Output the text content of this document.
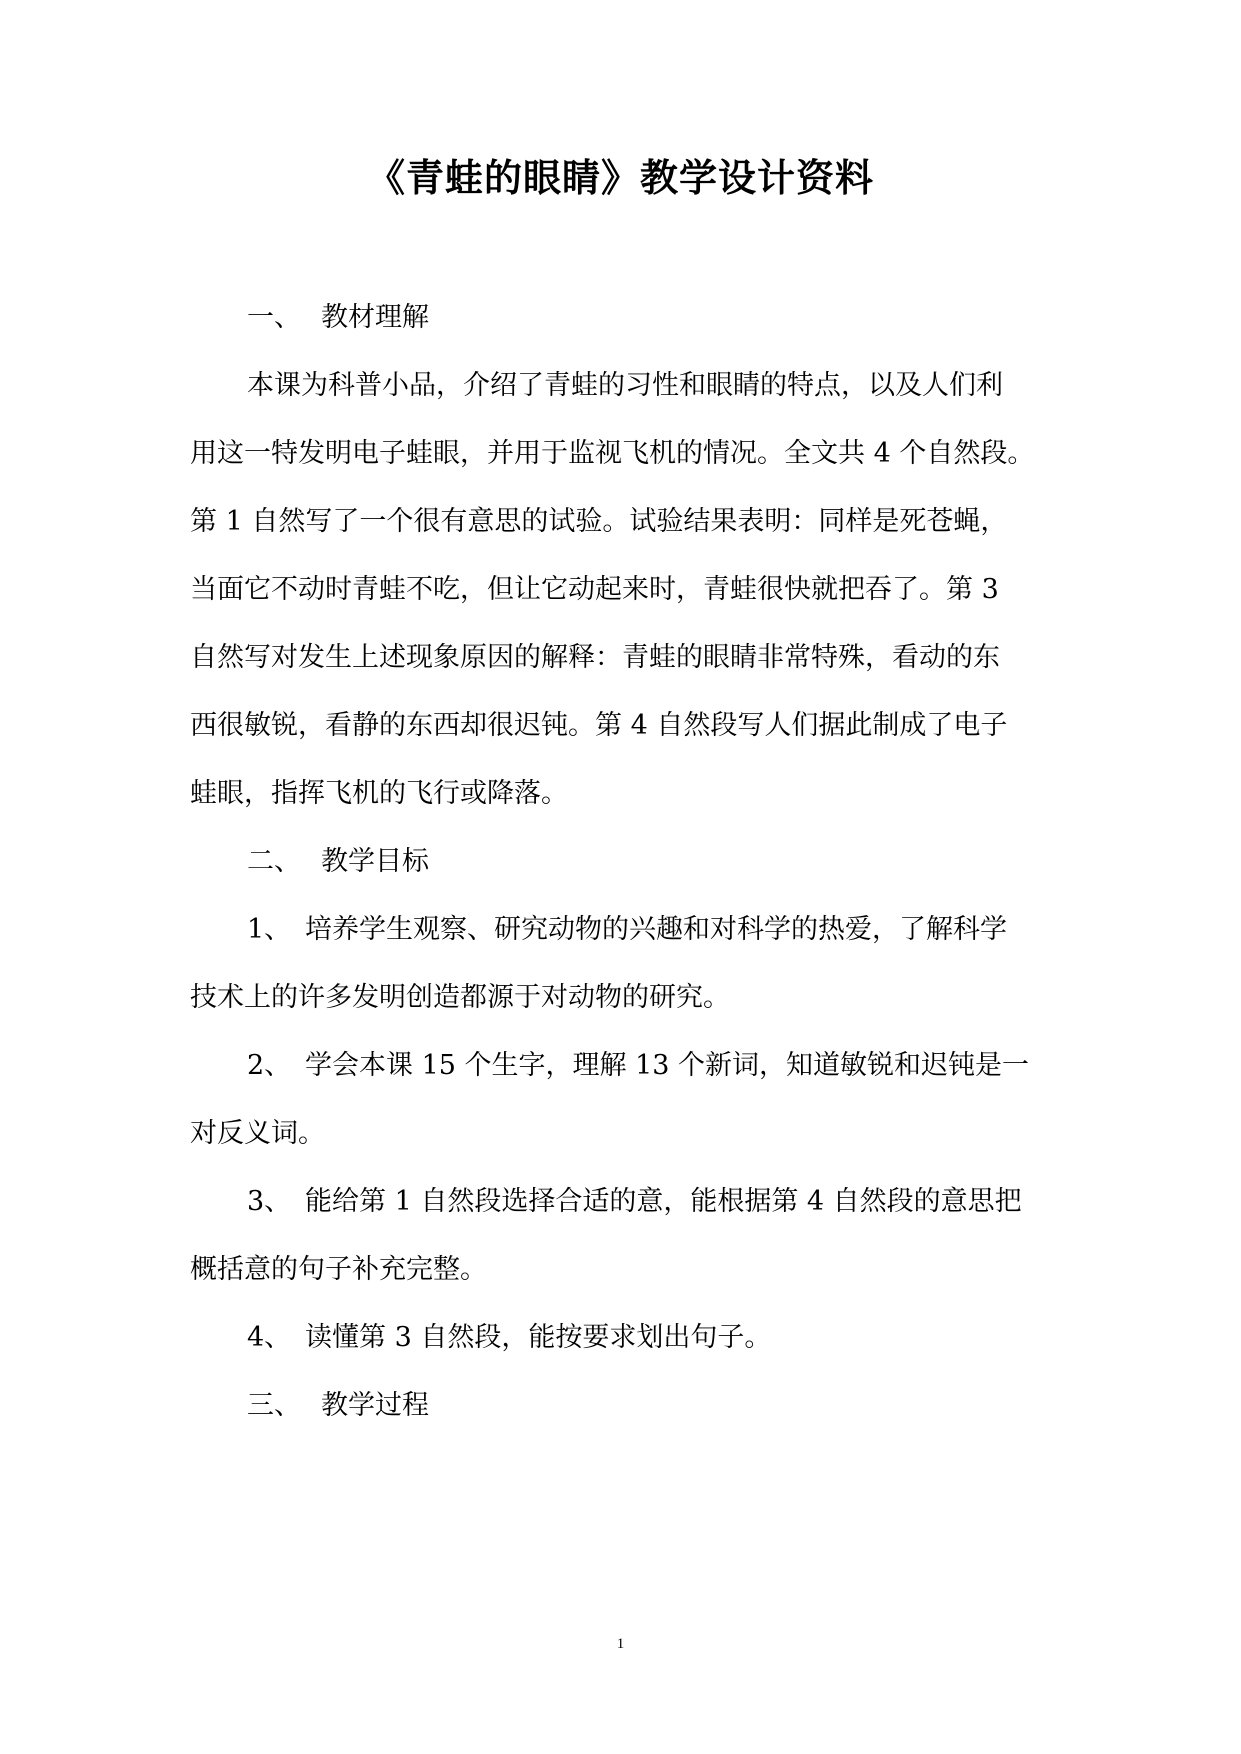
《青蛙的眼睛》教学设计资料

一、 教材理解

本课为科普小品，介绍了青蛙的习性和眼睛的特点，以及人们利

用这一特发明电子蛙眼，并用于监视飞机的情况。全文共 4 个自然段。

第 1 自然写了一个很有意思的试验。试验结果表明：同样是死苍蝇，

当面它不动时青蛙不吃，但让它动起来时，青蛙很快就把吞了。第 3

自然写对发生上述现象原因的解释：青蛙的眼睛非常特殊，看动的东

西很敏锐，看静的东西却很迟钝。第 4 自然段写人们据此制成了电子

蛙眼，指挥飞机的飞行或降落。

二、 教学目标

1、 培养学生观察、研究动物的兴趣和对科学的热爱，了解科学

技术上的许多发明创造都源于对动物的研究。

2、 学会本课 15 个生字，理解 13 个新词，知道敏锐和迟钝是一

对反义词。

3、 能给第 1 自然段选择合适的意，能根据第 4 自然段的意思把

概括意的句子补充完整。

4、 读懂第 3 自然段，能按要求划出句子。

三、 教学过程

1
